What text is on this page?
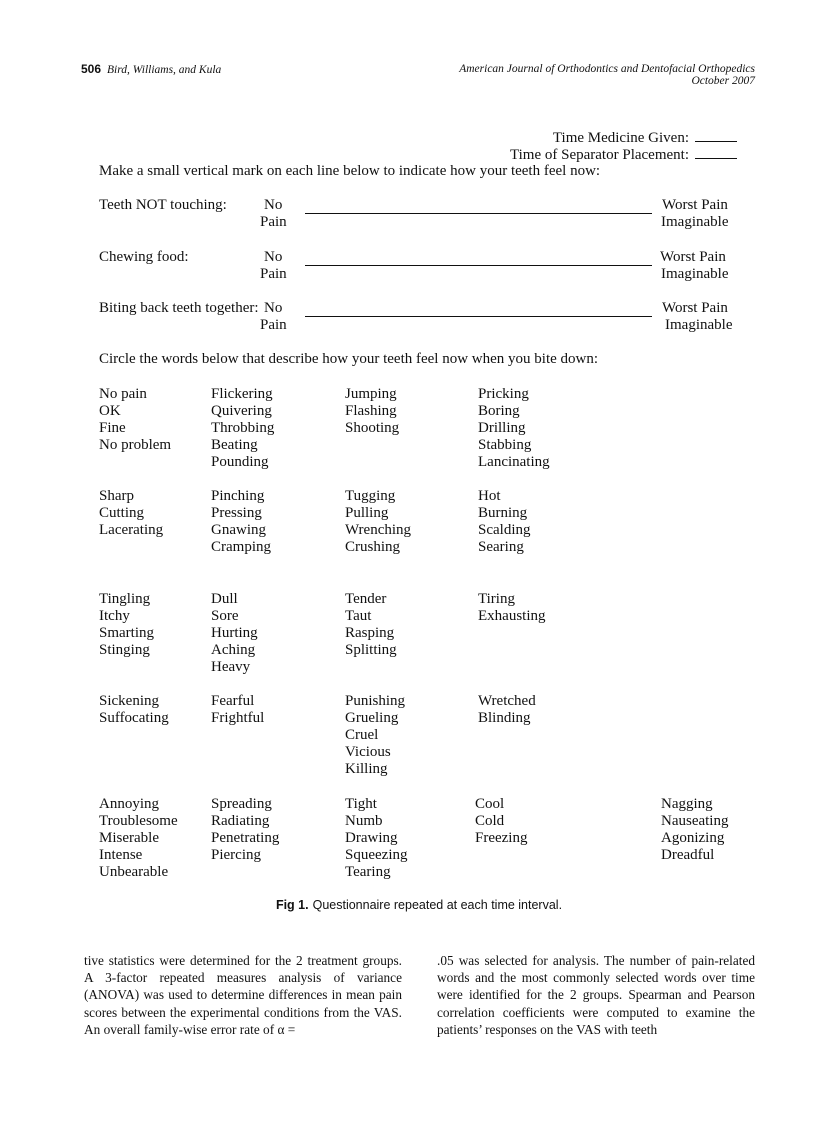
506 Bird, Williams, and Kula	American Journal of Orthodontics and Dentofacial Orthopedics
October 2007
Time Medicine Given:
Time of Separator Placement:
Make a small vertical mark on each line below to indicate how your teeth feel now:
Teeth NOT touching: No
Pain
Worst Pain
Imaginable
Chewing food:	No
Pain
Worst Pain
Imaginable
Biting back teeth together: No
Pain
Worst Pain
Imaginable
Circle the words below that describe how your teeth feel now when you bite down:
No pain
OK
Fine
No problem
Flickering
Quivering
Throbbing
Beating
Pounding
Jumping
Flashing
Shooting
Pricking
Boring
Drilling
Stabbing
Lancinating
Sharp
Cutting
Lacerating
Pinching
Pressing
Gnawing
Cramping
Tugging
Pulling
Wrenching
Crushing
Hot
Burning
Scalding
Searing
Tingling
Itchy
Smarting
Stinging
Dull
Sore
Hurting
Aching
Heavy
Tender
Taut
Rasping
Splitting
Tiring
Exhausting
Sickening
Suffocating
Fearful
Frightful
Punishing
Grueling
Cruel
Vicious
Killing
Wretched
Blinding
Annoying
Troublesome
Miserable
Intense
Unbearable
Spreading
Radiating
Penetrating
Piercing
Tight
Numb
Drawing
Squeezing
Tearing
Cool
Cold
Freezing
Nagging
Nauseating
Agonizing
Dreadful
Fig 1. Questionnaire repeated at each time interval.
tive statistics were determined for the 2 treatment groups. A 3-factor repeated measures analysis of variance (ANOVA) was used to determine differences in mean pain scores between the experimental conditions from the VAS. An overall family-wise error rate of α =
.05 was selected for analysis. The number of pain-related words and the most commonly selected words over time were identified for the 2 groups. Spearman and Pearson correlation coefficients were computed to examine the patients’ responses on the VAS with teeth
